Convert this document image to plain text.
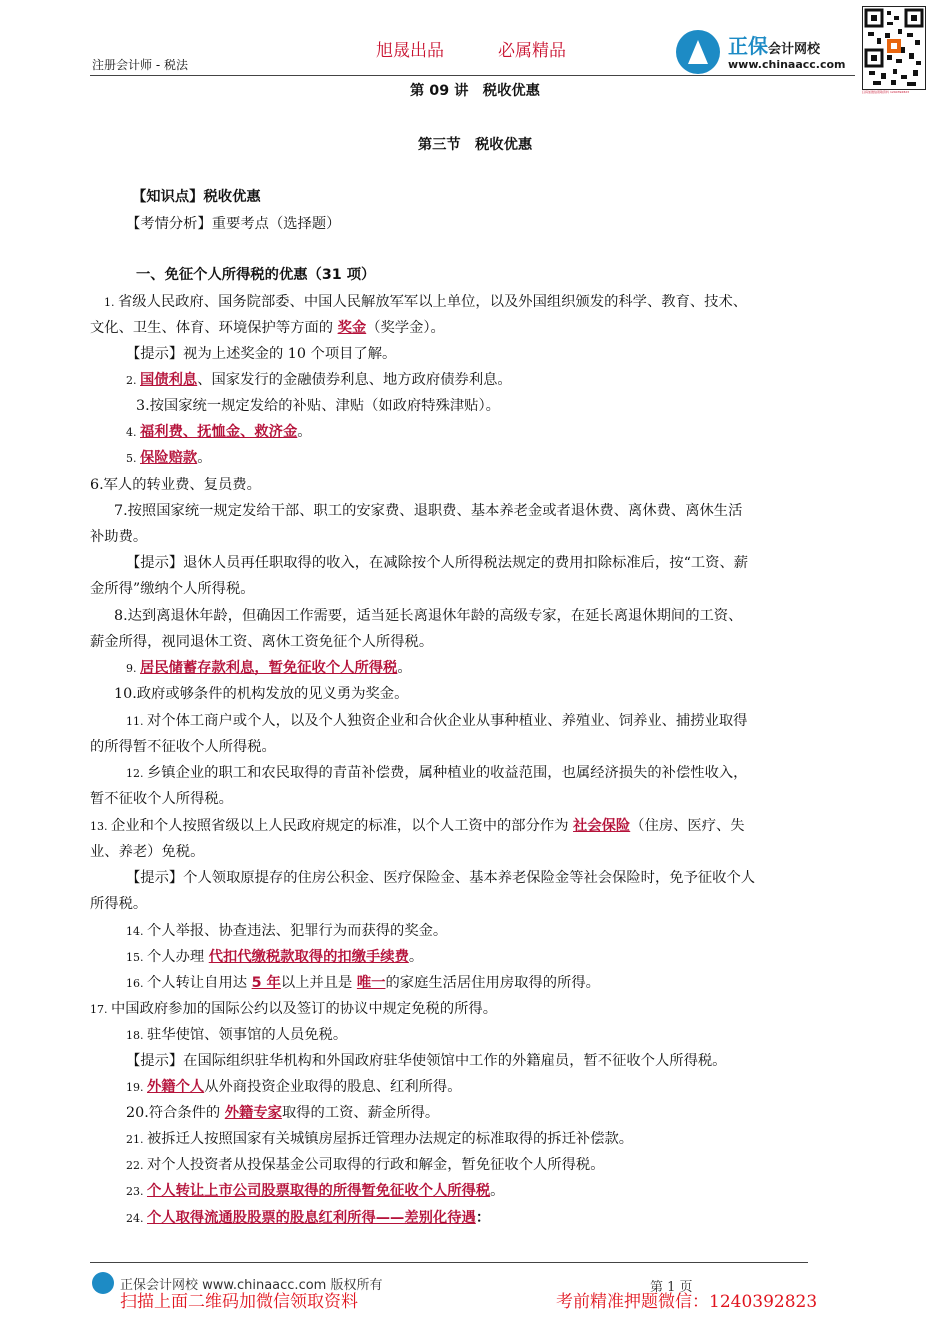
旭晟出品	必属精品
注册会计师 - 税法
正保会计网校
www.chinaacc.com
扫码加微信领取资料 1240392823
第 09 讲　税收优惠
第三节　税收优惠
【知识点】税收优惠
【考情分析】重要考点（选择题）
一、免征个人所得税的优惠（31 项）
1. 省级人民政府、国务院部委、中国人民解放军军以上单位，以及外国组织颁发的科学、教育、技术、
文化、卫生、体育、环境保护等方面的 奖金（奖学金）。
【提示】视为上述奖金的 10 个项目了解。
2. 国债利息、国家发行的金融债券利息、地方政府债券利息。
3.按国家统一规定发给的补贴、津贴（如政府特殊津贴）。
4. 福利费、抚恤金、救济金。
5. 保险赔款。
6.军人的转业费、复员费。
7.按照国家统一规定发给干部、职工的安家费、退职费、基本养老金或者退休费、离休费、离休生活
补助费。
【提示】退休人员再任职取得的收入，在减除按个人所得税法规定的费用扣除标准后，按“工资、薪
金所得”缴纳个人所得税。
8.达到离退休年龄，但确因工作需要，适当延长离退休年龄的高级专家，在延长离退休期间的工资、
薪金所得，视同退休工资、离休工资免征个人所得税。
9. 居民储蓄存款利息，暂免征收个人所得税。
10.政府或够条件的机构发放的见义勇为奖金。
11. 对个体工商户或个人，以及个人独资企业和合伙企业从事种植业、养殖业、饲养业、捕捞业取得
的所得暂不征收个人所得税。
12. 乡镇企业的职工和农民取得的青苗补偿费，属种植业的收益范围，也属经济损失的补偿性收入，
暂不征收个人所得税。
13. 企业和个人按照省级以上人民政府规定的标准，以个人工资中的部分作为 社会保险（住房、医疗、失
业、养老）免税。
【提示】个人领取原提存的住房公积金、医疗保险金、基本养老保险金等社会保险时，免予征收个人
所得税。
14. 个人举报、协查违法、犯罪行为而获得的奖金。
15. 个人办理 代扣代缴税款取得的扣缴手续费。
16. 个人转让自用达 5 年以上并且是 唯一的家庭生活居住用房取得的所得。
17. 中国政府参加的国际公约以及签订的协议中规定免税的所得。
18. 驻华使馆、领事馆的人员免税。
【提示】在国际组织驻华机构和外国政府驻华使领馆中工作的外籍雇员，暂不征收个人所得税。
19. 外籍个人从外商投资企业取得的股息、红利所得。
20.符合条件的 外籍专家取得的工资、薪金所得。
21. 被拆迁人按照国家有关城镇房屋拆迁管理办法规定的标准取得的拆迁补偿款。
22. 对个人投资者从投保基金公司取得的行政和解金，暂免征收个人所得税。
23. 个人转让上市公司股票取得的所得暂免征收个人所得税。
24. 个人取得流通股股票的股息红利所得——差别化待遇：
正保会计网校 www.chinaacc.com 版权所有	第 1 页
扫描上面二维码加微信领取资料	考前精准押题微信：1240392823
